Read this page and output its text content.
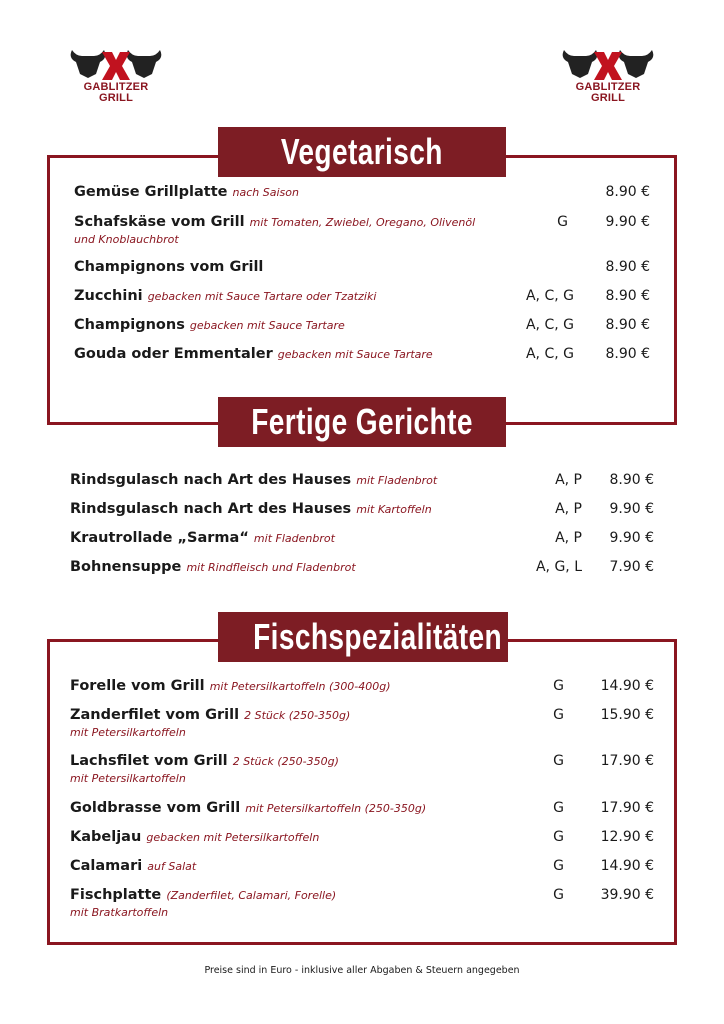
GABLITZER
GRILL
GABLITZER
GRILL
Vegetarisch
Fertige Gerichte
Fischspezialitäten
Gemüse Grillplatte nach Saison	8.90 €
Schafskäse vom Grill mit Tomaten, Zwiebel, Oregano, Olivenöl
und Knoblauchbrot
G	9.90 €
Champignons vom Grill	8.90 €
Zucchini gebacken mit Sauce Tartare oder Tzatziki	A, C, G 8.90 €
Champignons gebacken mit Sauce Tartare	A, C, G 8.90 €
Gouda oder Emmentaler gebacken mit Sauce Tartare	A, C, G 8.90 €
Rindsgulasch nach Art des Hauses mit Fladenbrot	A, P 8.90 €
Rindsgulasch nach Art des Hauses mit Kartoffeln	A, P 9.90 €
Krautrollade „Sarma“ mit Fladenbrot	A, P 9.90 €
Bohnensuppe mit Rindfleisch und Fladenbrot	A, G, L 7.90 €
Forelle vom Grill mit Petersilkartoffeln (300-400g)	G	14.90 €
Zanderfilet vom Grill 2 Stück (250-350g)
mit Petersilkartoffeln
G	15.90 €
Lachsfilet vom Grill 2 Stück (250-350g)
mit Petersilkartoffeln
G	17.90 €
Goldbrasse vom Grill mit Petersilkartoffeln (250-350g)	G	17.90 €
Kabeljau gebacken mit Petersilkartoffeln	G	12.90 €
Calamari auf Salat	G	14.90 €
Fischplatte (Zanderfilet, Calamari, Forelle)
mit Bratkartoffeln
G	39.90 €
Preise sind in Euro - inklusive aller Abgaben & Steuern angegeben
